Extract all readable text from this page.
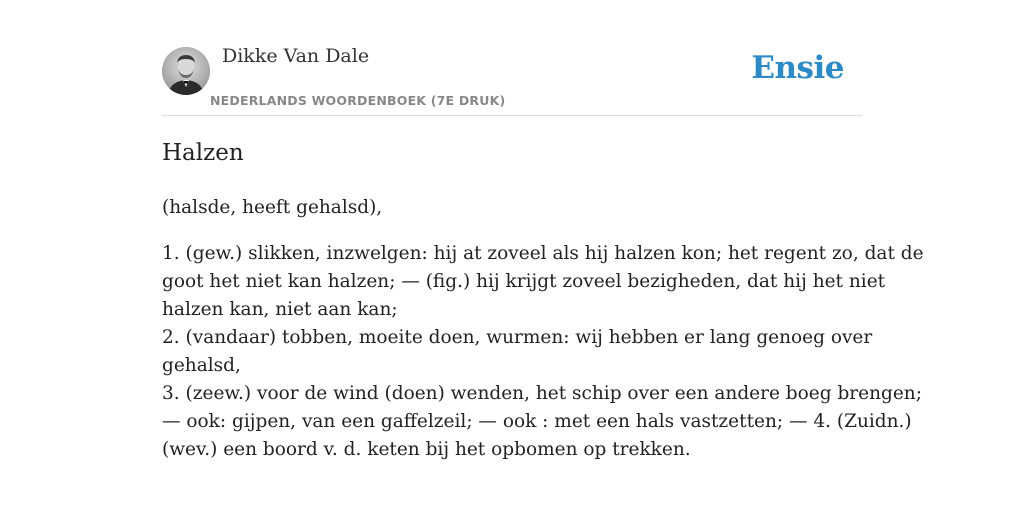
Dikke Van Dale
NEDERLANDS WOORDENBOEK (7E DRUK)
Ensie
Halzen

(halsde, heeft gehalsd),

1. (gew.) slikken, inzwelgen: hij at zoveel als hij halzen kon; het regent zo, dat de
goot het niet kan halzen; — (fig.) hij krijgt zoveel bezigheden, dat hij het niet
halzen kan, niet aan kan;
2. (vandaar) tobben, moeite doen, wurmen: wij hebben er lang genoeg over
gehalsd,
3. (zeew.) voor de wind (doen) wenden, het schip over een andere boeg brengen;
— ook: gijpen, van een gaffelzeil; — ook : met een hals vastzetten; — 4. (Zuidn.)
(wev.) een boord v. d. keten bij het opbomen op trekken.
